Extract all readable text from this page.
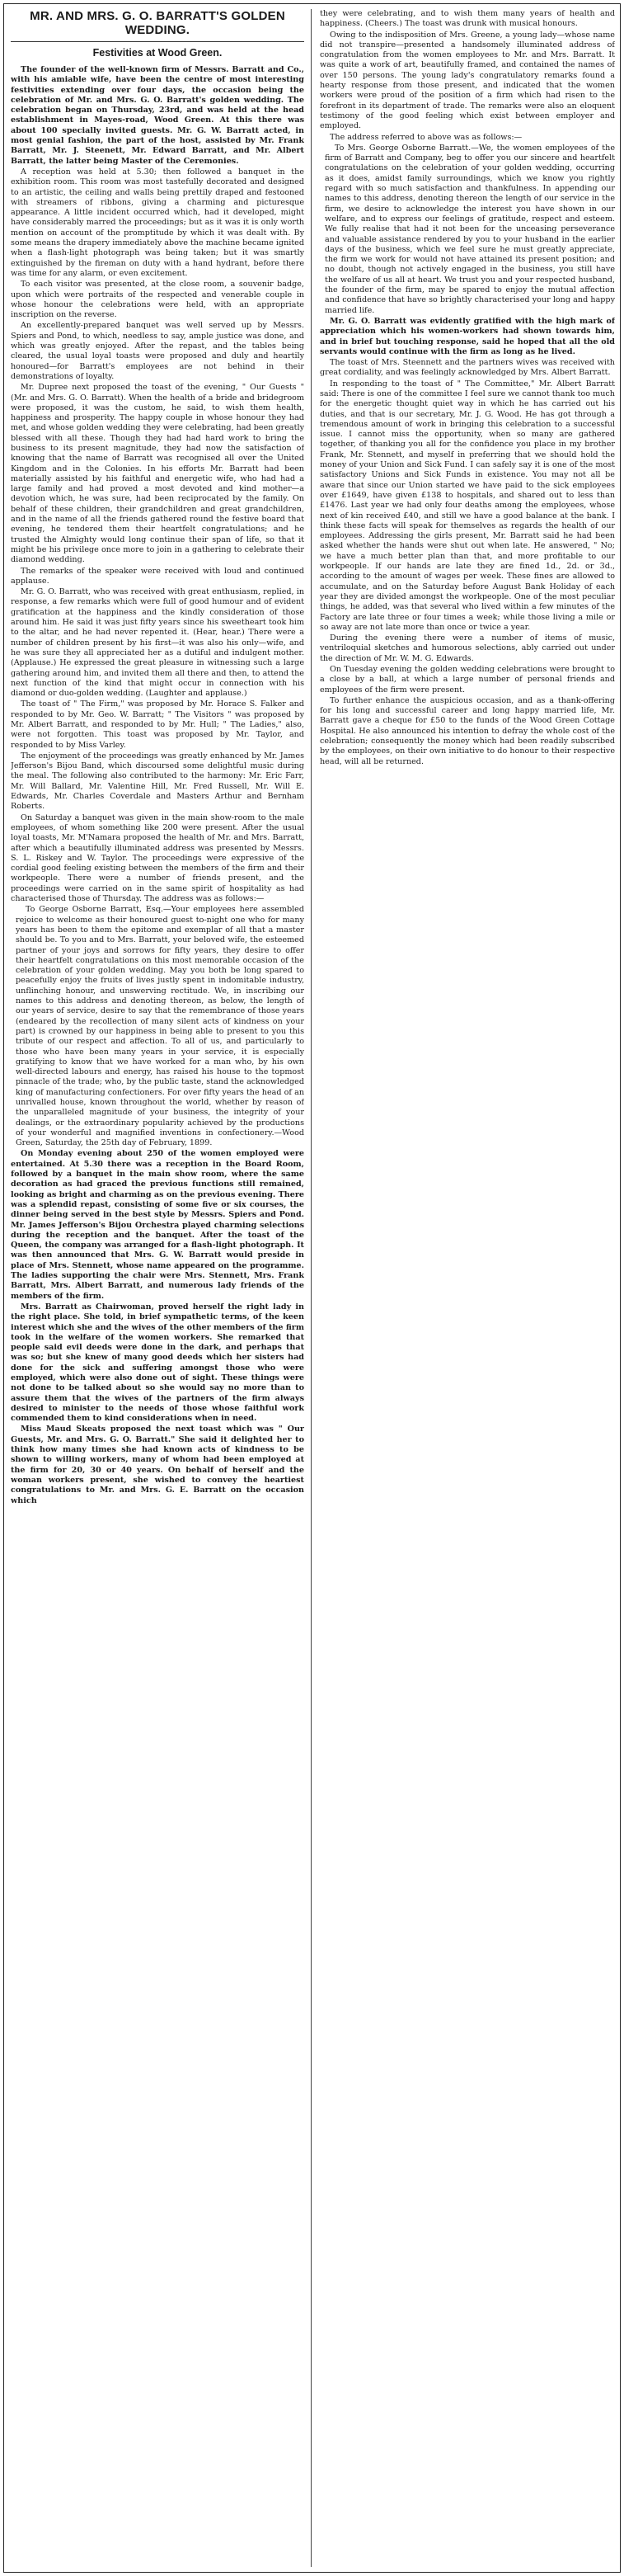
MR. AND MRS. G. O. BARRATT'S GOLDEN WEDDING.
Festivities at Wood Green.

The founder of the well-known firm of Messrs. Barratt and Co., with his amiable wife, have been the centre of most interesting festivities extending over four days, the occasion being the celebration of Mr. and Mrs. G. O. Barratt's golden wedding. The celebration began on Thursday, 23rd, and was held at the head establishment in Mayes-road, Wood Green. At this there was about 100 specially invited guests. Mr. G. W. Barratt acted, in most genial fashion, the part of the host, assisted by Mr. Frank Barratt, Mr. J. Steenett, Mr. Edward Barratt, and Mr. Albert Barratt, the latter being Master of the Ceremonies.

A reception was held at 5.30; then followed a banquet in the exhibition room. This room was most tastefully decorated and designed to an artistic, the ceiling and walls being prettily draped and festooned with streamers of ribbons, giving a charming and picturesque appearance. A little incident occurred which, had it developed, might have considerably marred the proceedings; but as it was it is only worth mention on account of the promptitude by which it was dealt with. By some means the drapery immediately above the machine became ignited when a flash-light photograph was being taken; but it was smartly extinguished by the fireman on duty with a hand hydrant, before there was time for any alarm, or even excitement.

To each visitor was presented, at the close room, a souvenir badge, upon which were portraits of the respected and venerable couple in whose honour the celebrations were held, with an appropriate inscription on the reverse.

An excellently-prepared banquet was well served up by Messrs. Spiers and Pond, to which, needless to say, ample justice was done, and which was greatly enjoyed. After the repast, and the tables being cleared, the usual loyal toasts were proposed and duly and heartily honoured—for Barratt's employees are not behind in their demonstrations of loyalty.

Mr. Dupree next proposed the toast of the evening, " Our Guests " (Mr. and Mrs. G. O. Barratt). When the health of a bride and bridegroom were proposed, it was the custom, he said, to wish them health, happiness and prosperity. The happy couple in whose honour they had met, and whose golden wedding they were celebrating, had been greatly blessed with all these. Though they had had hard work to bring the business to its present magnitude, they had now the satisfaction of knowing that the name of Barratt was recognised all over the United Kingdom and in the Colonies. In his efforts Mr. Barratt had been materially assisted by his faithful and energetic wife, who had had a large family and had proved a most devoted and kind mother—a devotion which, he was sure, had been reciprocated by the family. On behalf of these children, their grandchildren and great grandchildren, and in the name of all the friends gathered round the festive board that evening, he tendered them their heartfelt congratulations; and he trusted the Almighty would long continue their span of life, so that it might be his privilege once more to join in a gathering to celebrate their diamond wedding.

The remarks of the speaker were received with loud and continued applause.

Mr. G. O. Barratt, who was received with great enthusiasm, replied, in response, a few remarks which were full of good humour and of evident gratification at the happiness and the kindly consideration of those around him. He said it was just fifty years since his sweetheart took him to the altar, and he had never repented it. (Hear, hear.) There were a number of children present by his first—it was also his only—wife, and he was sure they all appreciated her as a dutiful and indulgent mother. (Applause.) He expressed the great pleasure in witnessing such a large gathering around him, and invited them all there and then, to attend the next function of the kind that might occur in connection with his diamond or duo-golden wedding. (Laughter and applause.)

The toast of " The Firm," was proposed by Mr. Horace S. Falker and responded to by Mr. Geo. W. Barratt; " The Visitors " was proposed by Mr. Albert Barratt, and responded to by Mr. Hull; " The Ladies," also, were not forgotten. This toast was proposed by Mr. Taylor, and responded to by Miss Varley.

The enjoyment of the proceedings was greatly enhanced by Mr. James Jefferson's Bijou Band, which discoursed some delightful music during the meal. The following also contributed to the harmony: Mr. Eric Farr, Mr. Will Ballard, Mr. Valentine Hill, Mr. Fred Russell, Mr. Will E. Edwards, Mr. Charles Coverdale and Masters Arthur and Bernham Roberts.

On Saturday a banquet was given in the main show-room to the male employees, of whom something like 200 were present. After the usual loyal toasts, Mr. M'Namara proposed the health of Mr. and Mrs. Barratt, after which a beautifully illuminated address was presented by Messrs. S. L. Riskey and W. Taylor. The proceedings were expressive of the cordial good feeling existing between the members of the firm and their workpeople. There were a number of friends present, and the proceedings were carried on in the same spirit of hospitality as had characterised those of Thursday. The address was as follows:—

To George Osborne Barratt, Esq.—Your employees here assembled rejoice to welcome as their honoured guest to-night one who for many years has been to them the epitome and exemplar of all that a master should be. To you and to Mrs. Barratt, your beloved wife, the esteemed partner of your joys and sorrows for fifty years, they desire to offer their heartfelt congratulations on this most memorable occasion of the celebration of your golden wedding. May you both be long spared to peacefully enjoy the fruits of lives justly spent in indomitable industry, unflinching honour, and unswerving rectitude. We, in inscribing our names to this address and denoting thereon, as below, the length of our years of service, desire to say that the remembrance of those years (endeared by the recollection of many silent acts of kindness on your part) is crowned by our happiness in being able to present to you this tribute of our respect and affection. To all of us, and particularly to those who have been many years in your service, it is especially gratifying to know that we have worked for a man who, by his own well-directed labours and energy, has raised his house to the topmost pinnacle of the trade; who, by the public taste, stand the acknowledged king of manufacturing confectioners. For over fifty years the head of an unrivalled house, known throughout the world, whether by reason of the unparalleled magnitude of your business, the integrity of your dealings, or the extraordinary popularity achieved by the productions of your wonderful and magnified inventions in confectionery.—Wood Green, Saturday, the 25th day of February, 1899.

On Monday evening about 250 of the women employed were entertained. At 5.30 there was a reception in the Board Room, followed by a banquet in the main show room, where the same decoration as had graced the previous functions still remained, looking as bright and charming as on the previous evening. There was a splendid repast, consisting of some five or six courses, the dinner being served in the best style by Messrs. Spiers and Pond. Mr. James Jefferson's Bijou Orchestra played charming selections during the reception and the banquet. After the toast of the Queen, the company was arranged for a flash-light photograph. It was then announced that Mrs. G. W. Barratt would preside in place of Mrs. Stennett, whose name appeared on the programme. The ladies supporting the chair were Mrs. Stennett, Mrs. Frank Barratt, Mrs. Albert Barratt, and numerous lady friends of the members of the firm.

Mrs. Barratt as Chairwoman, proved herself the right lady in the right place. She told, in brief sympathetic terms, of the keen interest which she and the wives of the other members of the firm took in the welfare of the women workers. She remarked that people said evil deeds were done in the dark, and perhaps that was so; but she knew of many good deeds which her sisters had done for the sick and suffering amongst those who were employed, which were also done out of sight. These things were not done to be talked about so she would say no more than to assure them that the wives of the partners of the firm always desired to minister to the needs of those whose faithful work commended them to kind considerations when in need.

Miss Maud Skeats proposed the next toast which was " Our Guests, Mr. and Mrs. G. O. Barratt." She said it delighted her to think how many times she had known acts of kindness to be shown to willing workers, many of whom had been employed at the firm for 20, 30 or 40 years. On behalf of herself and the woman workers present, she wished to convey the heartiest congratulations to Mr. and Mrs. G. E. Barratt on the occasion which

they were celebrating, and to wish them many years of health and happiness. (Cheers.) The toast was drunk with musical honours.

Owing to the indisposition of Mrs. Greene, a young lady—whose name did not transpire—presented a handsomely illuminated address of congratulation from the women employees to Mr. and Mrs. Barratt. It was quite a work of art, beautifully framed, and contained the names of over 150 persons. The young lady's congratulatory remarks found a hearty response from those present, and indicated that the women workers were proud of the position of a firm which had risen to the forefront in its department of trade. The remarks were also an eloquent testimony of the good feeling which exist between employer and employed.

The address referred to above was as follows:—

To Mrs. George Osborne Barratt.—We, the women employees of the firm of Barratt and Company, beg to offer you our sincere and heartfelt congratulations on the celebration of your golden wedding, occurring as it does, amidst family surroundings, which we know you rightly regard with so much satisfaction and thankfulness. In appending our names to this address, denoting thereon the length of our service in the firm, we desire to acknowledge the interest you have shown in our welfare, and to express our feelings of gratitude, respect and esteem. We fully realise that had it not been for the unceasing perseverance and valuable assistance rendered by you to your husband in the earlier days of the business, which we feel sure he must greatly appreciate, the firm we work for would not have attained its present position; and no doubt, though not actively engaged in the business, you still have the welfare of us all at heart. We trust you and your respected husband, the founder of the firm, may be spared to enjoy the mutual affection and confidence that have so brightly characterised your long and happy married life.

Mr. G. O. Barratt was evidently gratified with the high mark of appreciation which his women-workers had shown towards him, and in brief but touching response, said he hoped that all the old servants would continue with the firm as long as he lived.

The toast of Mrs. Steennett and the partners wives was received with great cordiality, and was feelingly acknowledged by Mrs. Albert Barratt.

In responding to the toast of " The Committee," Mr. Albert Barratt said: There is one of the committee I feel sure we cannot thank too much for the energetic thought quiet way in which he has carried out his duties, and that is our secretary, Mr. J. G. Wood. He has got through a tremendous amount of work in bringing this celebration to a successful issue. I cannot miss the opportunity, when so many are gathered together, of thanking you all for the confidence you place in my brother Frank, Mr. Stennett, and myself in preferring that we should hold the money of your Union and Sick Fund. I can safely say it is one of the most satisfactory Unions and Sick Funds in existence. You may not all be aware that since our Union started we have paid to the sick employees over £1649, have given £138 to hospitals, and shared out to less than £1476. Last year we had only four deaths among the employees, whose next of kin received £40, and still we have a good balance at the bank. I think these facts will speak for themselves as regards the health of our employees. Addressing the girls present, Mr. Barratt said he had been asked whether the hands were shut out when late. He answered, " No; we have a much better plan than that, and more profitable to our workpeople. If our hands are late they are fined 1d., 2d. or 3d., according to the amount of wages per week. These fines are allowed to accumulate, and on the Saturday before August Bank Holiday of each year they are divided amongst the workpeople. One of the most peculiar things, he added, was that several who lived within a few minutes of the Factory are late three or four times a week; while those living a mile or so away are not late more than once or twice a year.

During the evening there were a number of items of music, ventriloquial sketches and humorous selections, ably carried out under the direction of Mr. W. M. G. Edwards.

On Tuesday evening the golden wedding celebrations were brought to a close by a ball, at which a large number of personal friends and employees of the firm were present.

To further enhance the auspicious occasion, and as a thank-offering for his long and successful career and long happy married life, Mr. Barratt gave a cheque for £50 to the funds of the Wood Green Cottage Hospital. He also announced his intention to defray the whole cost of the celebration; consequently the money which had been readily subscribed by the employees, on their own initiative to do honour to their respective head, will all be returned.
